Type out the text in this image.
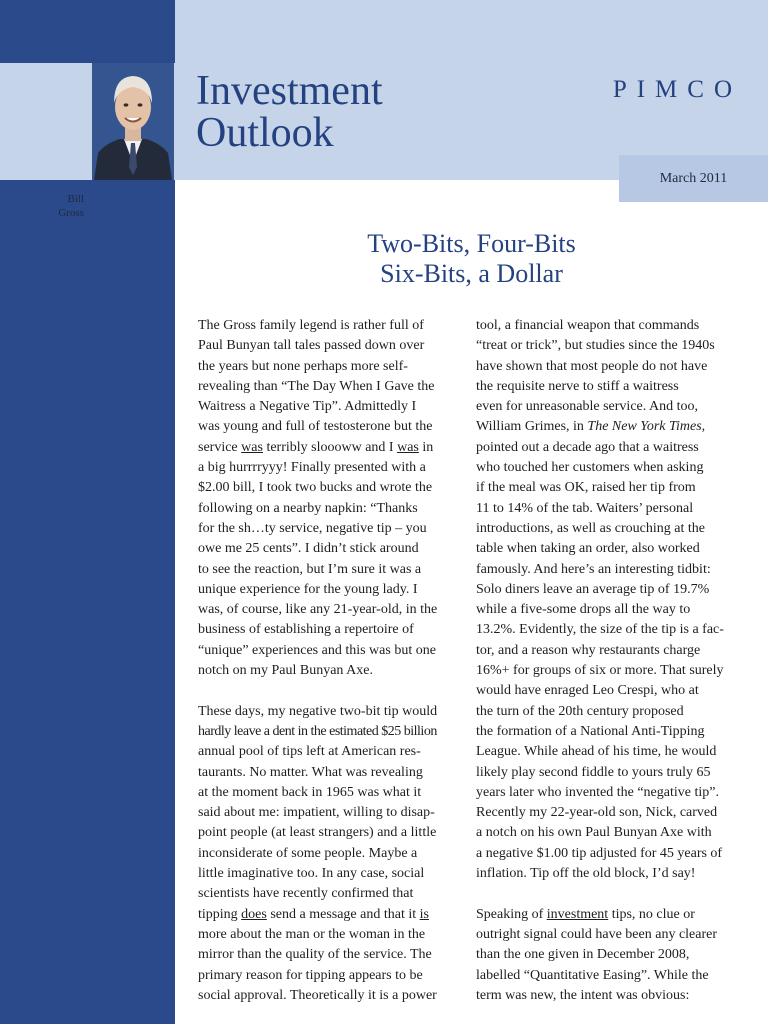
Bill
Gross
Investment
Outlook
PIMCO
March 2011
Two-Bits, Four-Bits
Six-Bits, a Dollar
The Gross family legend is rather full of
Paul Bunyan tall tales passed down over
the years but none perhaps more self-
revealing than “The Day When I Gave the
Waitress a Negative Tip”. Admittedly I
was young and full of testosterone but the
service was terribly sloooww and I was in
a big hurrrryyy! Finally presented with a
$2.00 bill, I took two bucks and wrote the
following on a nearby napkin: “Thanks
for the sh…ty service, negative tip – you
owe me 25 cents”. I didn’t stick around
to see the reaction, but I’m sure it was a
unique experience for the young lady. I
was, of course, like any 21-year-old, in the
business of establishing a repertoire of
“unique” experiences and this was but one
notch on my Paul Bunyan Axe.
These days, my negative two-bit tip would
hardly leave a dent in the estimated $25 billion
annual pool of tips left at American res-
taurants. No matter. What was revealing
at the moment back in 1965 was what it
said about me: impatient, willing to disap-
point people (at least strangers) and a little
inconsiderate of some people. Maybe a
little imaginative too. In any case, social
scientists have recently confirmed that
tipping does send a message and that it is
more about the man or the woman in the
mirror than the quality of the service. The
primary reason for tipping appears to be
social approval. Theoretically it is a power
tool, a financial weapon that commands
“treat or trick”, but studies since the 1940s
have shown that most people do not have
the requisite nerve to stiff a waitress
even for unreasonable service. And too,
William Grimes, in The New York Times,
pointed out a decade ago that a waitress
who touched her customers when asking
if the meal was OK, raised her tip from
11 to 14% of the tab. Waiters’ personal
introductions, as well as crouching at the
table when taking an order, also worked
famously. And here’s an interesting tidbit:
Solo diners leave an average tip of 19.7%
while a five-some drops all the way to
13.2%. Evidently, the size of the tip is a fac-
tor, and a reason why restaurants charge
16%+ for groups of six or more. That surely
would have enraged Leo Crespi, who at
the turn of the 20th century proposed
the formation of a National Anti-Tipping
League. While ahead of his time, he would
likely play second fiddle to yours truly 65
years later who invented the “negative tip”.
Recently my 22-year-old son, Nick, carved
a notch on his own Paul Bunyan Axe with
a negative $1.00 tip adjusted for 45 years of
inflation. Tip off the old block, I’d say!
Speaking of investment tips, no clue or
outright signal could have been any clearer
than the one given in December 2008,
labelled “Quantitative Easing”. While the
term was new, the intent was obvious:
